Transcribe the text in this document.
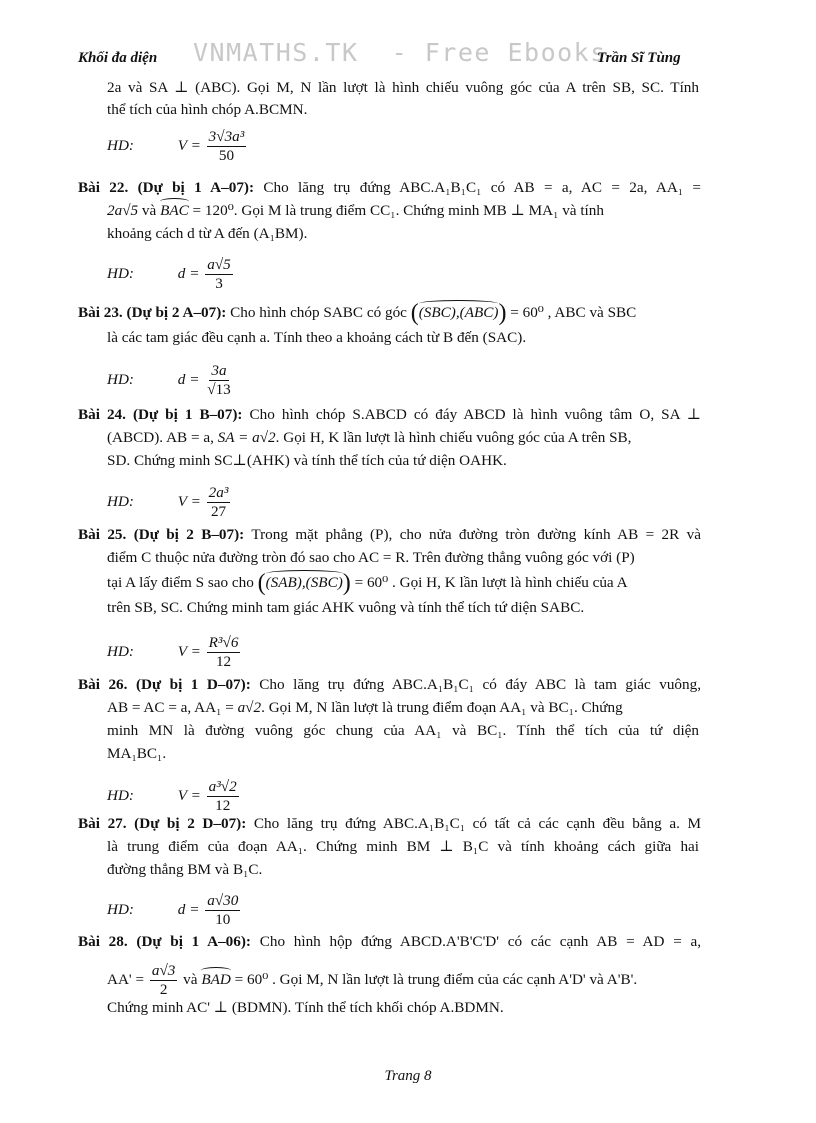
Khối đa diện VNMATHS.TK  - Free Ebooks
Trần Sĩ Tùng
2a và SA ⊥ (ABC). Gọi M, N lần lượt là hình chiếu vuông góc của A trên SB, SC. Tính
thể tích của hình chóp A.BCMN.
HD:	$V = \frac{\text{3√3a³}}{50}$
Bài 22. (Dự bị 1 A–07): Cho lăng trụ đứng ABC.A₁B₁C₁ có AB = a, AC = 2a, AA₁ =
2a√5 và BAC = 120⁰. Gọi M là trung điểm CC₁. Chứng minh MB ⊥ MA₁ và tính
khoảng cách d từ A đến (A₁BM).
HD:	$d = \frac{a√5}{3}$
Bài 23. (Dự bị 2 A–07): Cho hình chóp SABC có góc ((SBC),(ABC)) = 60⁰ , ABC và SBC
là các tam giác đều cạnh a. Tính theo a khoảng cách từ B đến (SAC).
HD:	$d = \frac{3a}{√13}$
Bài 24. (Dự bị 1 B–07): Cho hình chóp S.ABCD có đáy ABCD là hình vuông tâm O, SA ⊥
(ABCD). AB = a, SA = a√2. Gọi H, K lần lượt là hình chiếu vuông góc của A trên SB,
SD. Chứng minh SC⊥(AHK) và tính thể tích của tứ diện OAHK.
HD:	$V = \frac{\text{2a³}}{27}$
Bài 25. (Dự bị 2 B–07): Trong mặt phẳng (P), cho nửa đường tròn đường kính AB = 2R và
điểm C thuộc nửa đường tròn đó sao cho AC = R. Trên đường thẳng vuông góc với (P)
tại A lấy điểm S sao cho ((SAB),(SBC)) = 60⁰ . Gọi H, K lần lượt là hình chiếu của A
trên SB, SC. Chứng minh tam giác AHK vuông và tính thể tích tứ diện SABC.
HD:	$V = \frac{\text{R³√6}}{12}$
Bài 26. (Dự bị 1 D–07): Cho lăng trụ đứng ABC.A₁B₁C₁ có đáy ABC là tam giác vuông,
AB = AC = a, AA₁ = a√2. Gọi M, N lần lượt là trung điểm đoạn AA₁ và BC₁. Chứng
minh MN là đường vuông góc chung của AA₁ và BC₁. Tính thể tích của tứ diện
MA₁BC₁.
HD:	$V = \frac{\text{a³√2}}{12}$
Bài 27. (Dự bị 2 D–07): Cho lăng trụ đứng ABC.A₁B₁C₁ có tất cả các cạnh đều bằng a. M
là trung điểm của đoạn AA₁. Chứng minh BM ⊥ B₁C và tính khoảng cách giữa hai
đường thẳng BM và B₁C.
HD:	$d = \frac{a√30}{10}$
Bài 28. (Dự bị 1 A–06): Cho hình hộp đứng ABCD.A'B'C'D' có các cạnh AB = AD = a,
$AA' = \frac{a√3}{2}$ và BAD = 60⁰ . Gọi M, N lần lượt là trung điểm của các cạnh A'D' và A'B'.
Chứng minh AC' ⊥ (BDMN). Tính thể tích khối chóp A.BDMN.
Trang 8
